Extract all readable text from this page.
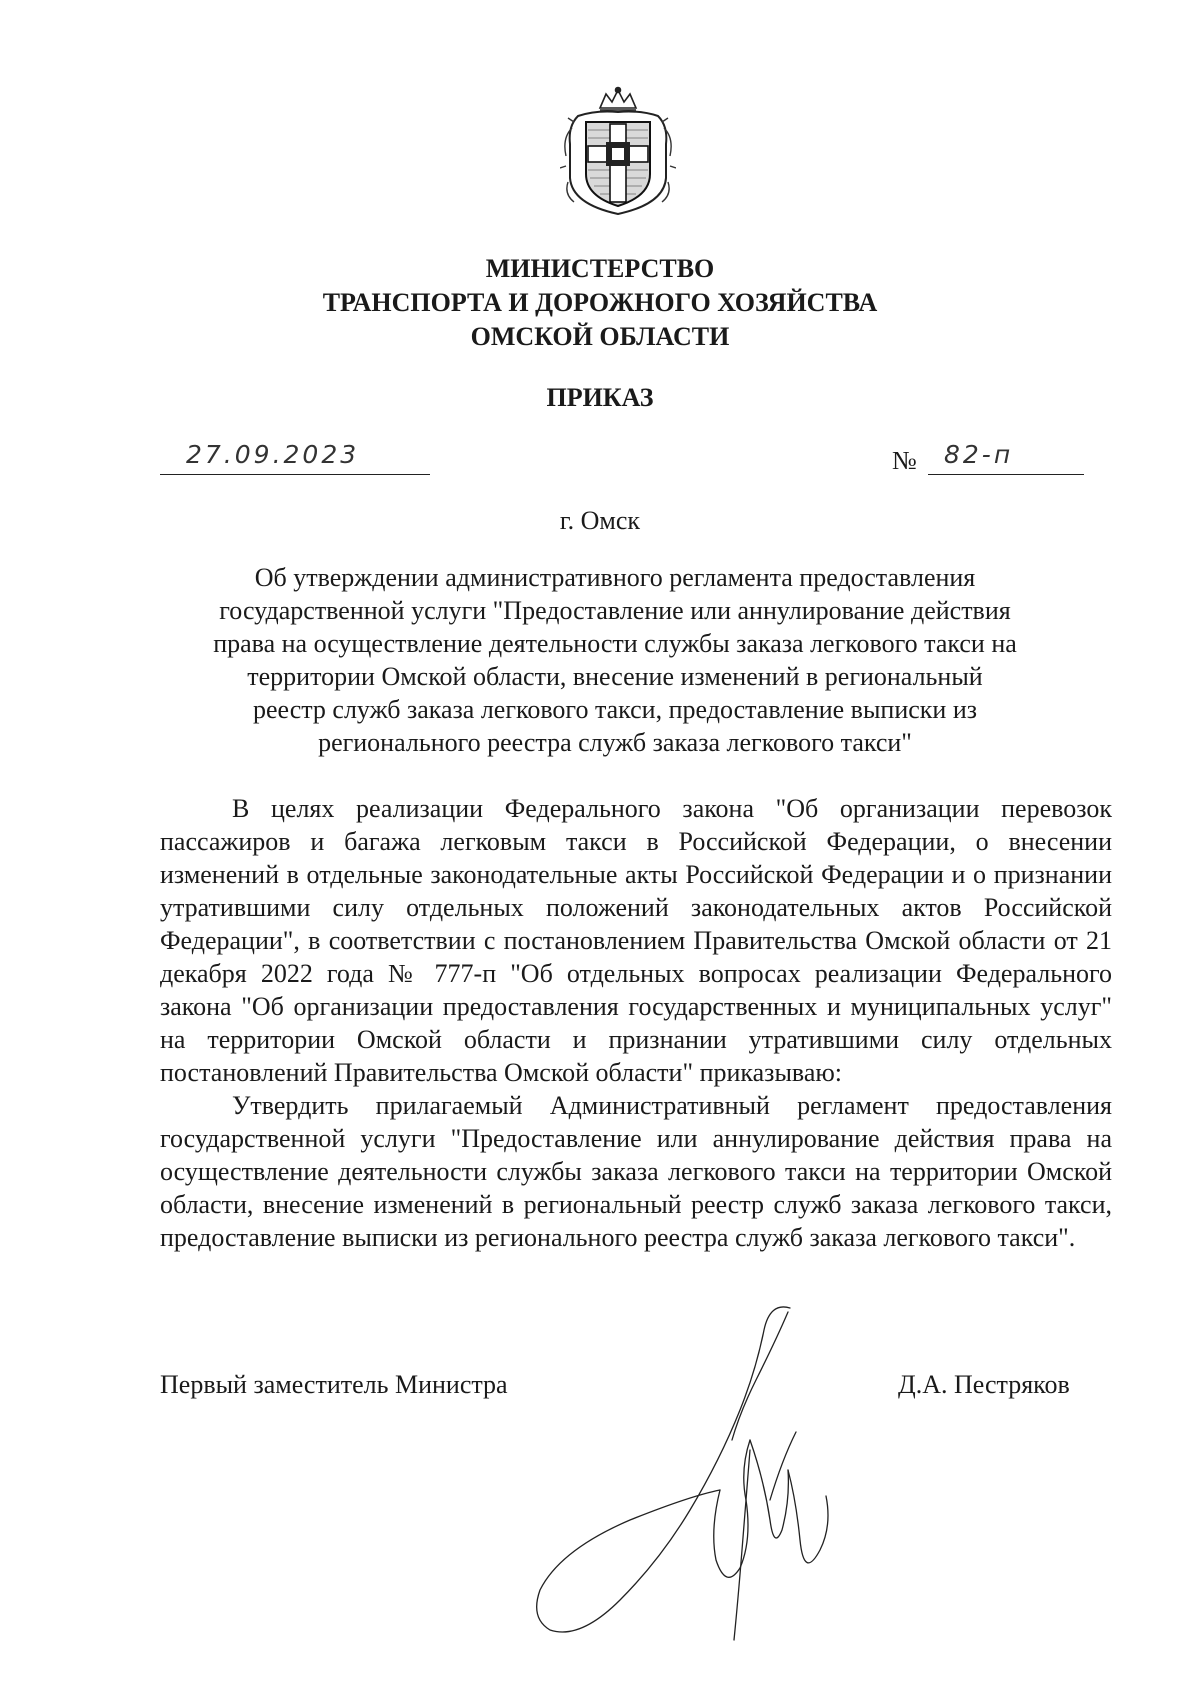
МИНИСТЕРСТВО
ТРАНСПОРТА И ДОРОЖНОГО ХОЗЯЙСТВА
ОМСКОЙ ОБЛАСТИ
ПРИКАЗ
27.09.2023	№ 82-п
г. Омск
Об утверждении административного регламента предоставления
государственной услуги "Предоставление или аннулирование действия
права на осуществление деятельности службы заказа легкового такси на
территории Омской области, внесение изменений в региональный
реестр служб заказа легкового такси, предоставление выписки из
регионального реестра служб заказа легкового такси"

В целях реализации Федерального закона "Об организации перевозок пассажиров и багажа легковым такси в Российской Федерации, о внесении изменений в отдельные законодательные акты Российской Федерации и о признании утратившими силу отдельных положений законодательных актов Российской Федерации", в соответствии с постановлением Правительства Омской области от 21 декабря 2022 года № 777-п "Об отдельных вопросах реализации Федерального закона "Об организации предоставления государственных и муниципальных услуг" на территории Омской области и признании утратившими силу отдельных постановлений Правительства Омской области" приказываю:

Утвердить прилагаемый Административный регламент предоставления государственной услуги "Предоставление или аннулирование действия права на осуществление деятельности службы заказа легкового такси на территории Омской области, внесение изменений в региональный реестр служб заказа легкового такси, предоставление выписки из регионального реестра служб заказа легкового такси".

Первый заместитель Министра	Д.А. Пестряков
